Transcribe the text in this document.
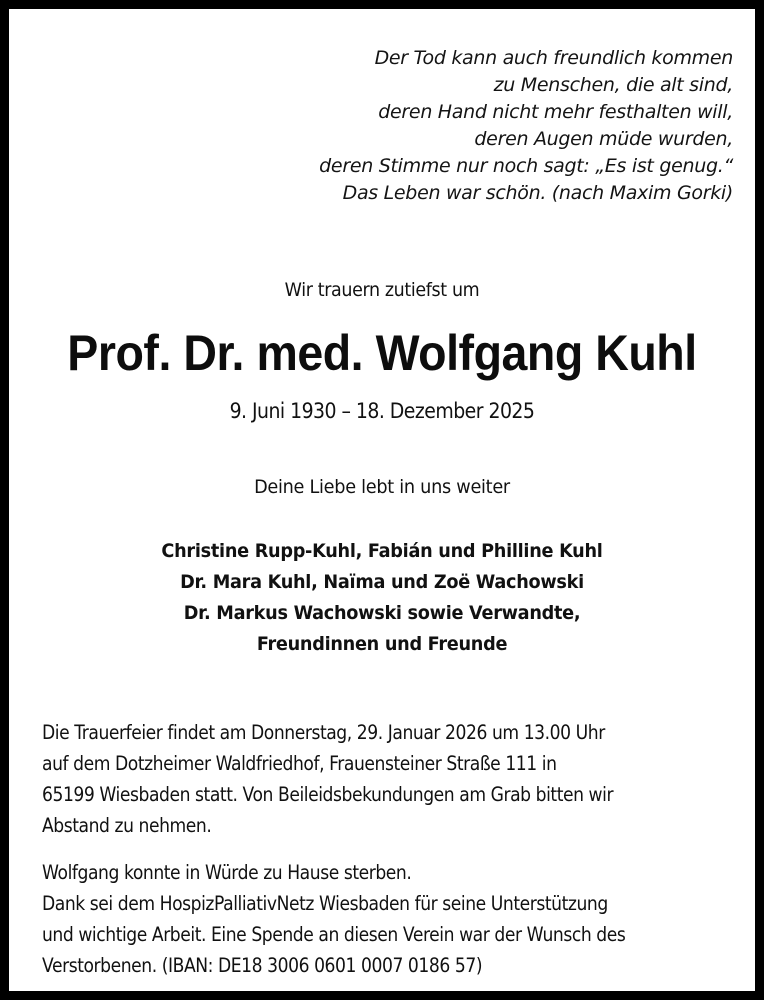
Der Tod kann auch freundlich kommen
zu Menschen, die alt sind,
deren Hand nicht mehr festhalten will,
deren Augen müde wurden,
deren Stimme nur noch sagt: „Es ist genug.“
Das Leben war schön. (nach Maxim Gorki)
Wir trauern zutiefst um
Prof. Dr. med. Wolfgang Kuhl
9. Juni 1930 – 18. Dezember 2025
Deine Liebe lebt in uns weiter
Christine Rupp-Kuhl, Fabián und Philline Kuhl
Dr. Mara Kuhl, Naïma und Zoë Wachowski
Dr. Markus Wachowski sowie Verwandte,
Freundinnen und Freunde
Die Trauerfeier findet am Donnerstag, 29. Januar 2026 um 13.00 Uhr
auf dem Dotzheimer Waldfriedhof, Frauensteiner Straße 111 in
65199 Wiesbaden statt. Von Beileidsbekundungen am Grab bitten wir
Abstand zu nehmen.
Wolfgang konnte in Würde zu Hause sterben.
Dank sei dem HospizPalliativNetz Wiesbaden für seine Unterstützung
und wichtige Arbeit. Eine Spende an diesen Verein war der Wunsch des
Verstorbenen. (IBAN: DE18 3006 0601 0007 0186 57)
